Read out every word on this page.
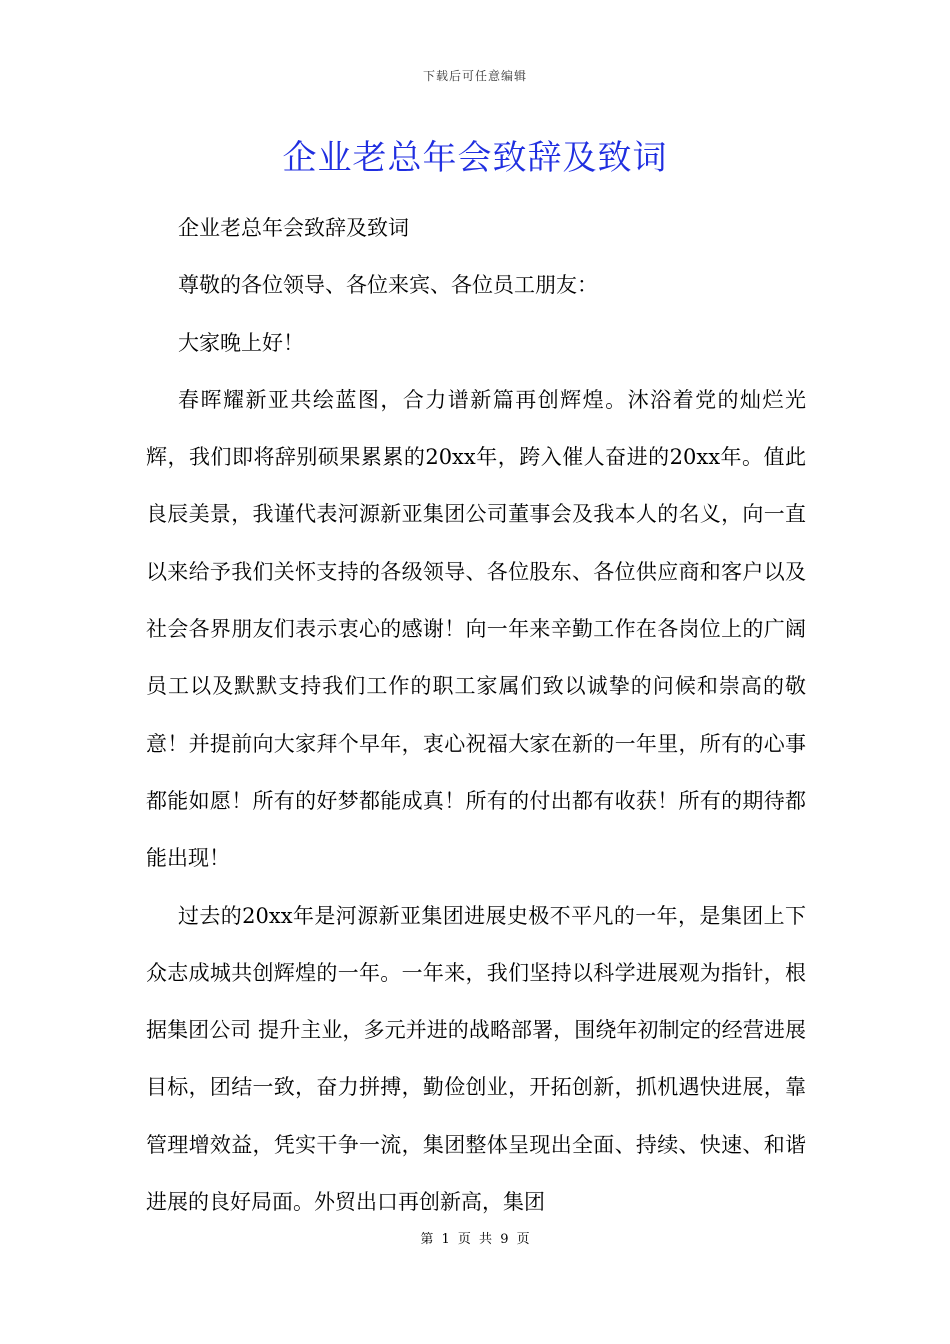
下载后可任意编辑
企业老总年会致辞及致词

企业老总年会致辞及致词

尊敬的各位领导、各位来宾、各位员工朋友：

大家晚上好！

春晖耀新亚共绘蓝图，合力谱新篇再创辉煌。沐浴着党的灿烂光辉，我们即将辞别硕果累累的20xx年，跨入催人奋进的20xx年。值此良辰美景，我谨代表河源新亚集团公司董事会及我本人的名义，向一直以来给予我们关怀支持的各级领导、各位股东、各位供应商和客户以及社会各界朋友们表示衷心的感谢！向一年来辛勤工作在各岗位上的广阔员工以及默默支持我们工作的职工家属们致以诚挚的问候和崇高的敬意！并提前向大家拜个早年，衷心祝福大家在新的一年里，所有的心事都能如愿！所有的好梦都能成真！所有的付出都有收获！所有的期待都能出现！

过去的20xx年是河源新亚集团进展史极不平凡的一年，是集团上下众志成城共创辉煌的一年。一年来，我们坚持以科学进展观为指针，根据集团公司 提升主业，多元并进的战略部署，围绕年初制定的经营进展目标，团结一致，奋力拼搏，勤俭创业，开拓创新，抓机遇快进展，靠管理增效益，凭实干争一流，集团整体呈现出全面、持续、快速、和谐进展的良好局面。外贸出口再创新高，集团

第 1 页 共 9 页
